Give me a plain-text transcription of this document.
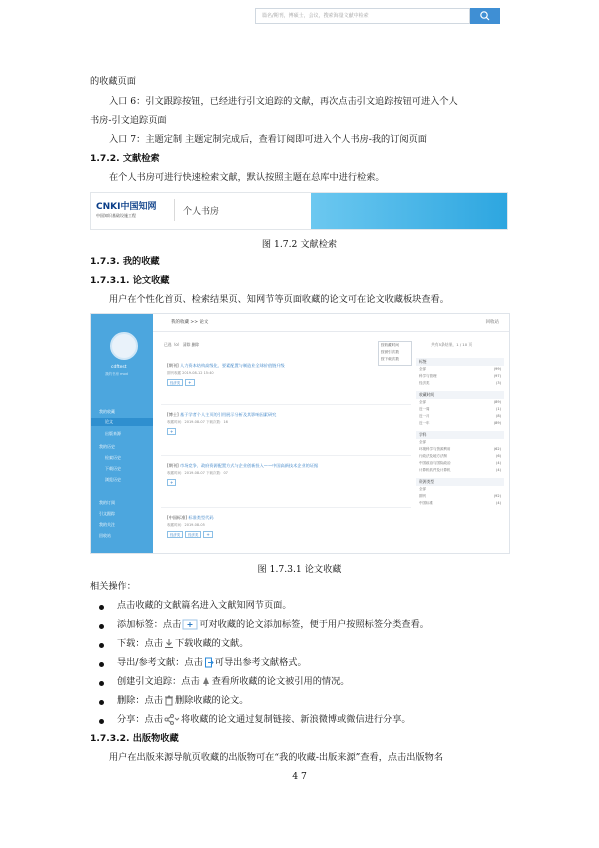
的收藏页面
入口 6：引文跟踪按钮，已经进行引文追踪的文献，再次点击引文追踪按钮可进入个人
书房-引文追踪页面
入口 7：主题定制 主题定制完成后，查看订阅即可进入个人书房-我的订阅页面
1.7.2. 文献检索
在个人书房可进行快速检索文献，默认按照主题在总库中进行检索。
CNKI中国知网
中国知识基础设施工程	个人书房
篇名/期刊，博硕士，会议，搜索海量文献中检索
图 1.7.2 文献检索
1.7.3. 我的收藏
1.7.3.1. 论文收藏
用户在个性化首页、检索结果页、知网节等页面收藏的论文可在论文收藏板块查看。
cdftest
我的书房 mod
我的收藏
论文
出版来源
我的历史
检索历史
下载历史
浏览历史
我的订阅
引文跟踪
我的关注
回收站
我的收藏 >> 论文	回收站
已选（0） 清除 删除	共有5条结果，1 / 10 页
按收藏时间
按被引次数
按下载次数
[期刊] 人力资本结构高级化、要素配置与制造业全球价值链升级
期刊收藏 2019-08-12 15:40
经济类 +
[博士] 基于学者个人主页的引用展示分析及其影响因素研究
收藏时间：2019-08-07 下载次数：16
+
[期刊] 市场竞争、政府资源配置方式与企业创新投入——中国高新技术企业的证据
收藏时间：2019-08-07 下载次数：07
+
[中国标准] 标准类型代码
收藏时间：2019-08-05
经济类 经济类 +
标签
全部	(99)
科学与管理	(97)
经济类	(3)
收藏时间
全部	(89)
近一周	(1)
近一月	(8)
近一年	(89)
学科
全部
环境科学与资源利用	(62)
行政法及地方法制	(6)
中国政治与国际政治	(4)
计算机软件及计算机	(4)
资源类型
全部
期刊	(92)
中国标准	(4)
图 1.7.3.1 论文收藏
相关操作：
点击收藏的文献篇名进入文献知网节页面。
添加标签：点击 可对收藏的论文添加标签，便于用户按照标签分类查看。
下载：点击 下载收藏的文献。
导出/参考文献：点击 可导出参考文献格式。
创建引文追踪：点击 查看所收藏的论文被引用的情况。
删除：点击 删除收藏的论文。
分享：点击 将收藏的论文通过复制链接、新浪微博或微信进行分享。
1.7.3.2. 出版物收藏
用户在出版来源导航页收藏的出版物可在“我的收藏-出版来源”查看，点击出版物名
4 7
